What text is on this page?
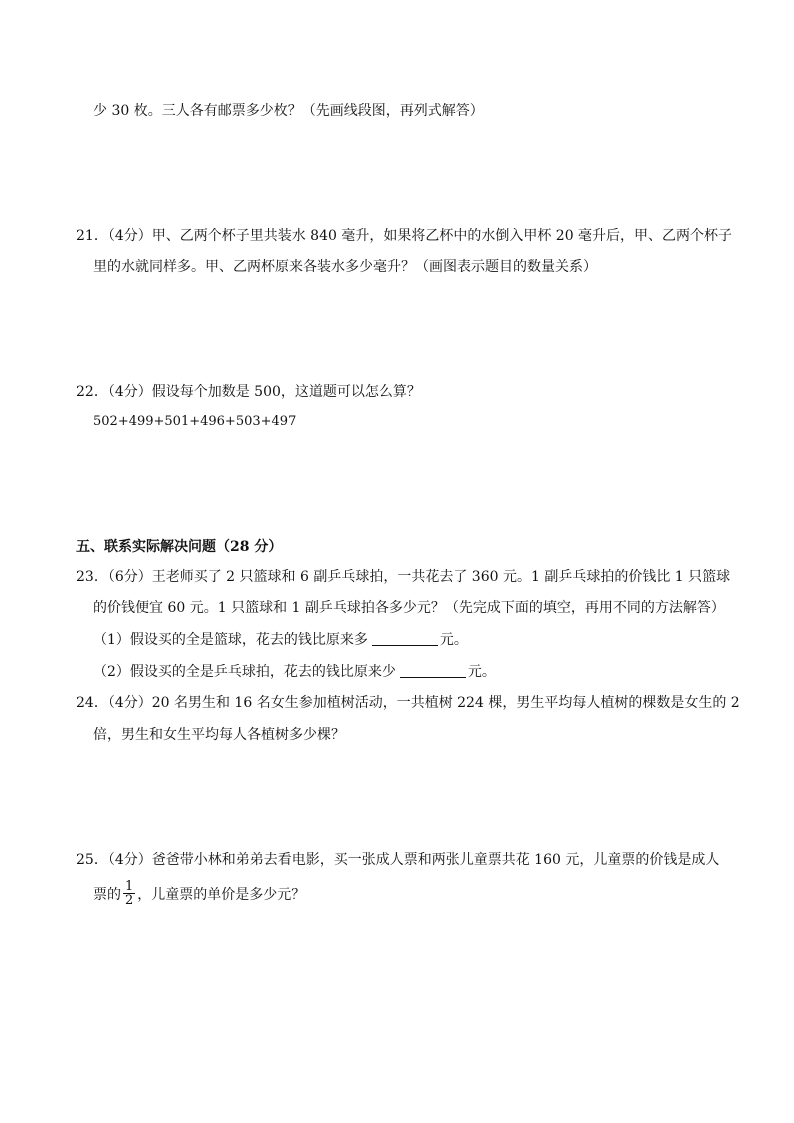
少 30 枚。三人各有邮票多少枚？（先画线段图，再列式解答）
21．（4分）甲、乙两个杯子里共装水 840 毫升，如果将乙杯中的水倒入甲杯 20 毫升后，甲、乙两个杯子
里的水就同样多。甲、乙两杯原来各装水多少毫升？（画图表示题目的数量关系）
22．（4分）假设每个加数是 500，这道题可以怎么算？
502+499+501+496+503+497
五、联系实际解决问题（28 分）
23．（6分）王老师买了 2 只篮球和 6 副乒乓球拍，一共花去了 360 元。1 副乒乓球拍的价钱比 1 只篮球
的价钱便宜 60 元。1 只篮球和 1 副乒乓球拍各多少元？（先完成下面的填空，再用不同的方法解答）
（1）假设买的全是篮球，花去的钱比原来多	元。
（2）假设买的全是乒乓球拍，花去的钱比原来少	元。
24．（4分）20 名男生和 16 名女生参加植树活动，一共植树 224 棵，男生平均每人植树的棵数是女生的 2
倍，男生和女生平均每人各植树多少棵？
25．（4分）爸爸带小林和弟弟去看电影，买一张成人票和两张儿童票共花 160 元，儿童票的价钱是成人
票的 $\frac{1}{2}$ ，儿童票的单价是多少元？
